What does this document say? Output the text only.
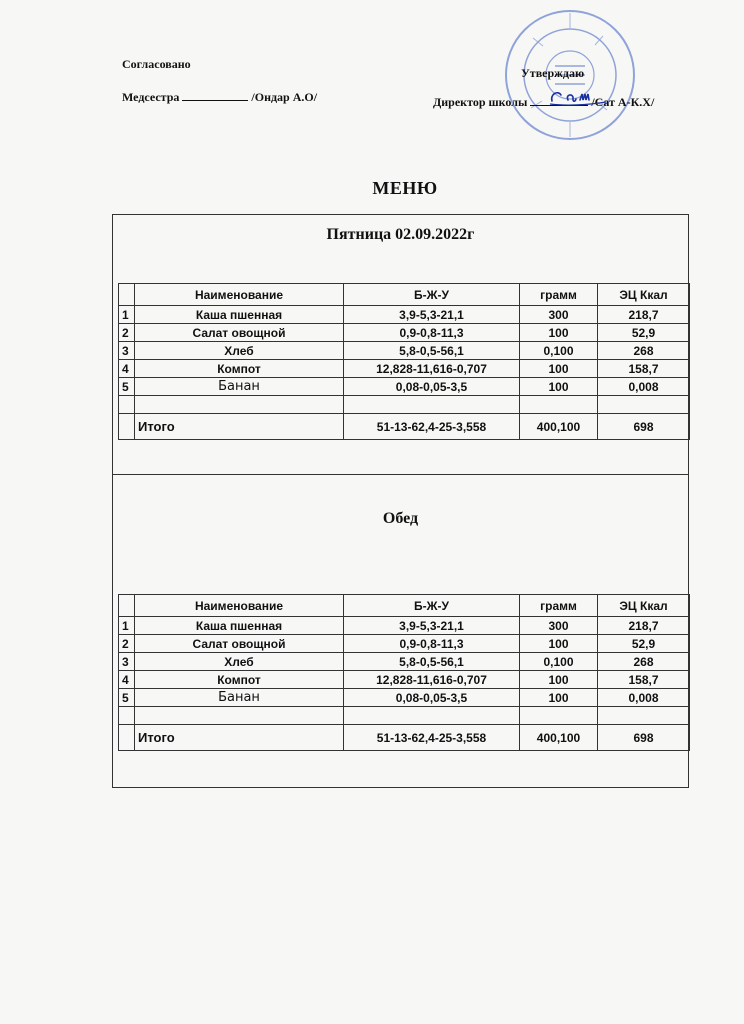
Согласовано
Медсестра	/Ондар А.О/
Утверждаю
Директор школы	/Сат А-К.Х/
МЕНЮ
Пятница 02.09.2022г
	Наименование	Б-Ж-У	грамм	ЭЦ Ккал
1	Каша пшенная	3,9-5,3-21,1	300	218,7
2	Салат овощной	0,9-0,8-11,3	100	52,9
3	Хлеб	5,8-0,5-56,1	0,100	268
4	Компот	12,828-11,616-0,707	100	158,7
5	Банан	0,08-0,05-3,5	100	0,008

	Итого	51-13-62,4-25-3,558	400,100	698
Обед
	Наименование	Б-Ж-У	грамм	ЭЦ Ккал
1	Каша пшенная	3,9-5,3-21,1	300	218,7
2	Салат овощной	0,9-0,8-11,3	100	52,9
3	Хлеб	5,8-0,5-56,1	0,100	268
4	Компот	12,828-11,616-0,707	100	158,7
5	Банан	0,08-0,05-3,5	100	0,008

	Итого	51-13-62,4-25-3,558	400,100	698
